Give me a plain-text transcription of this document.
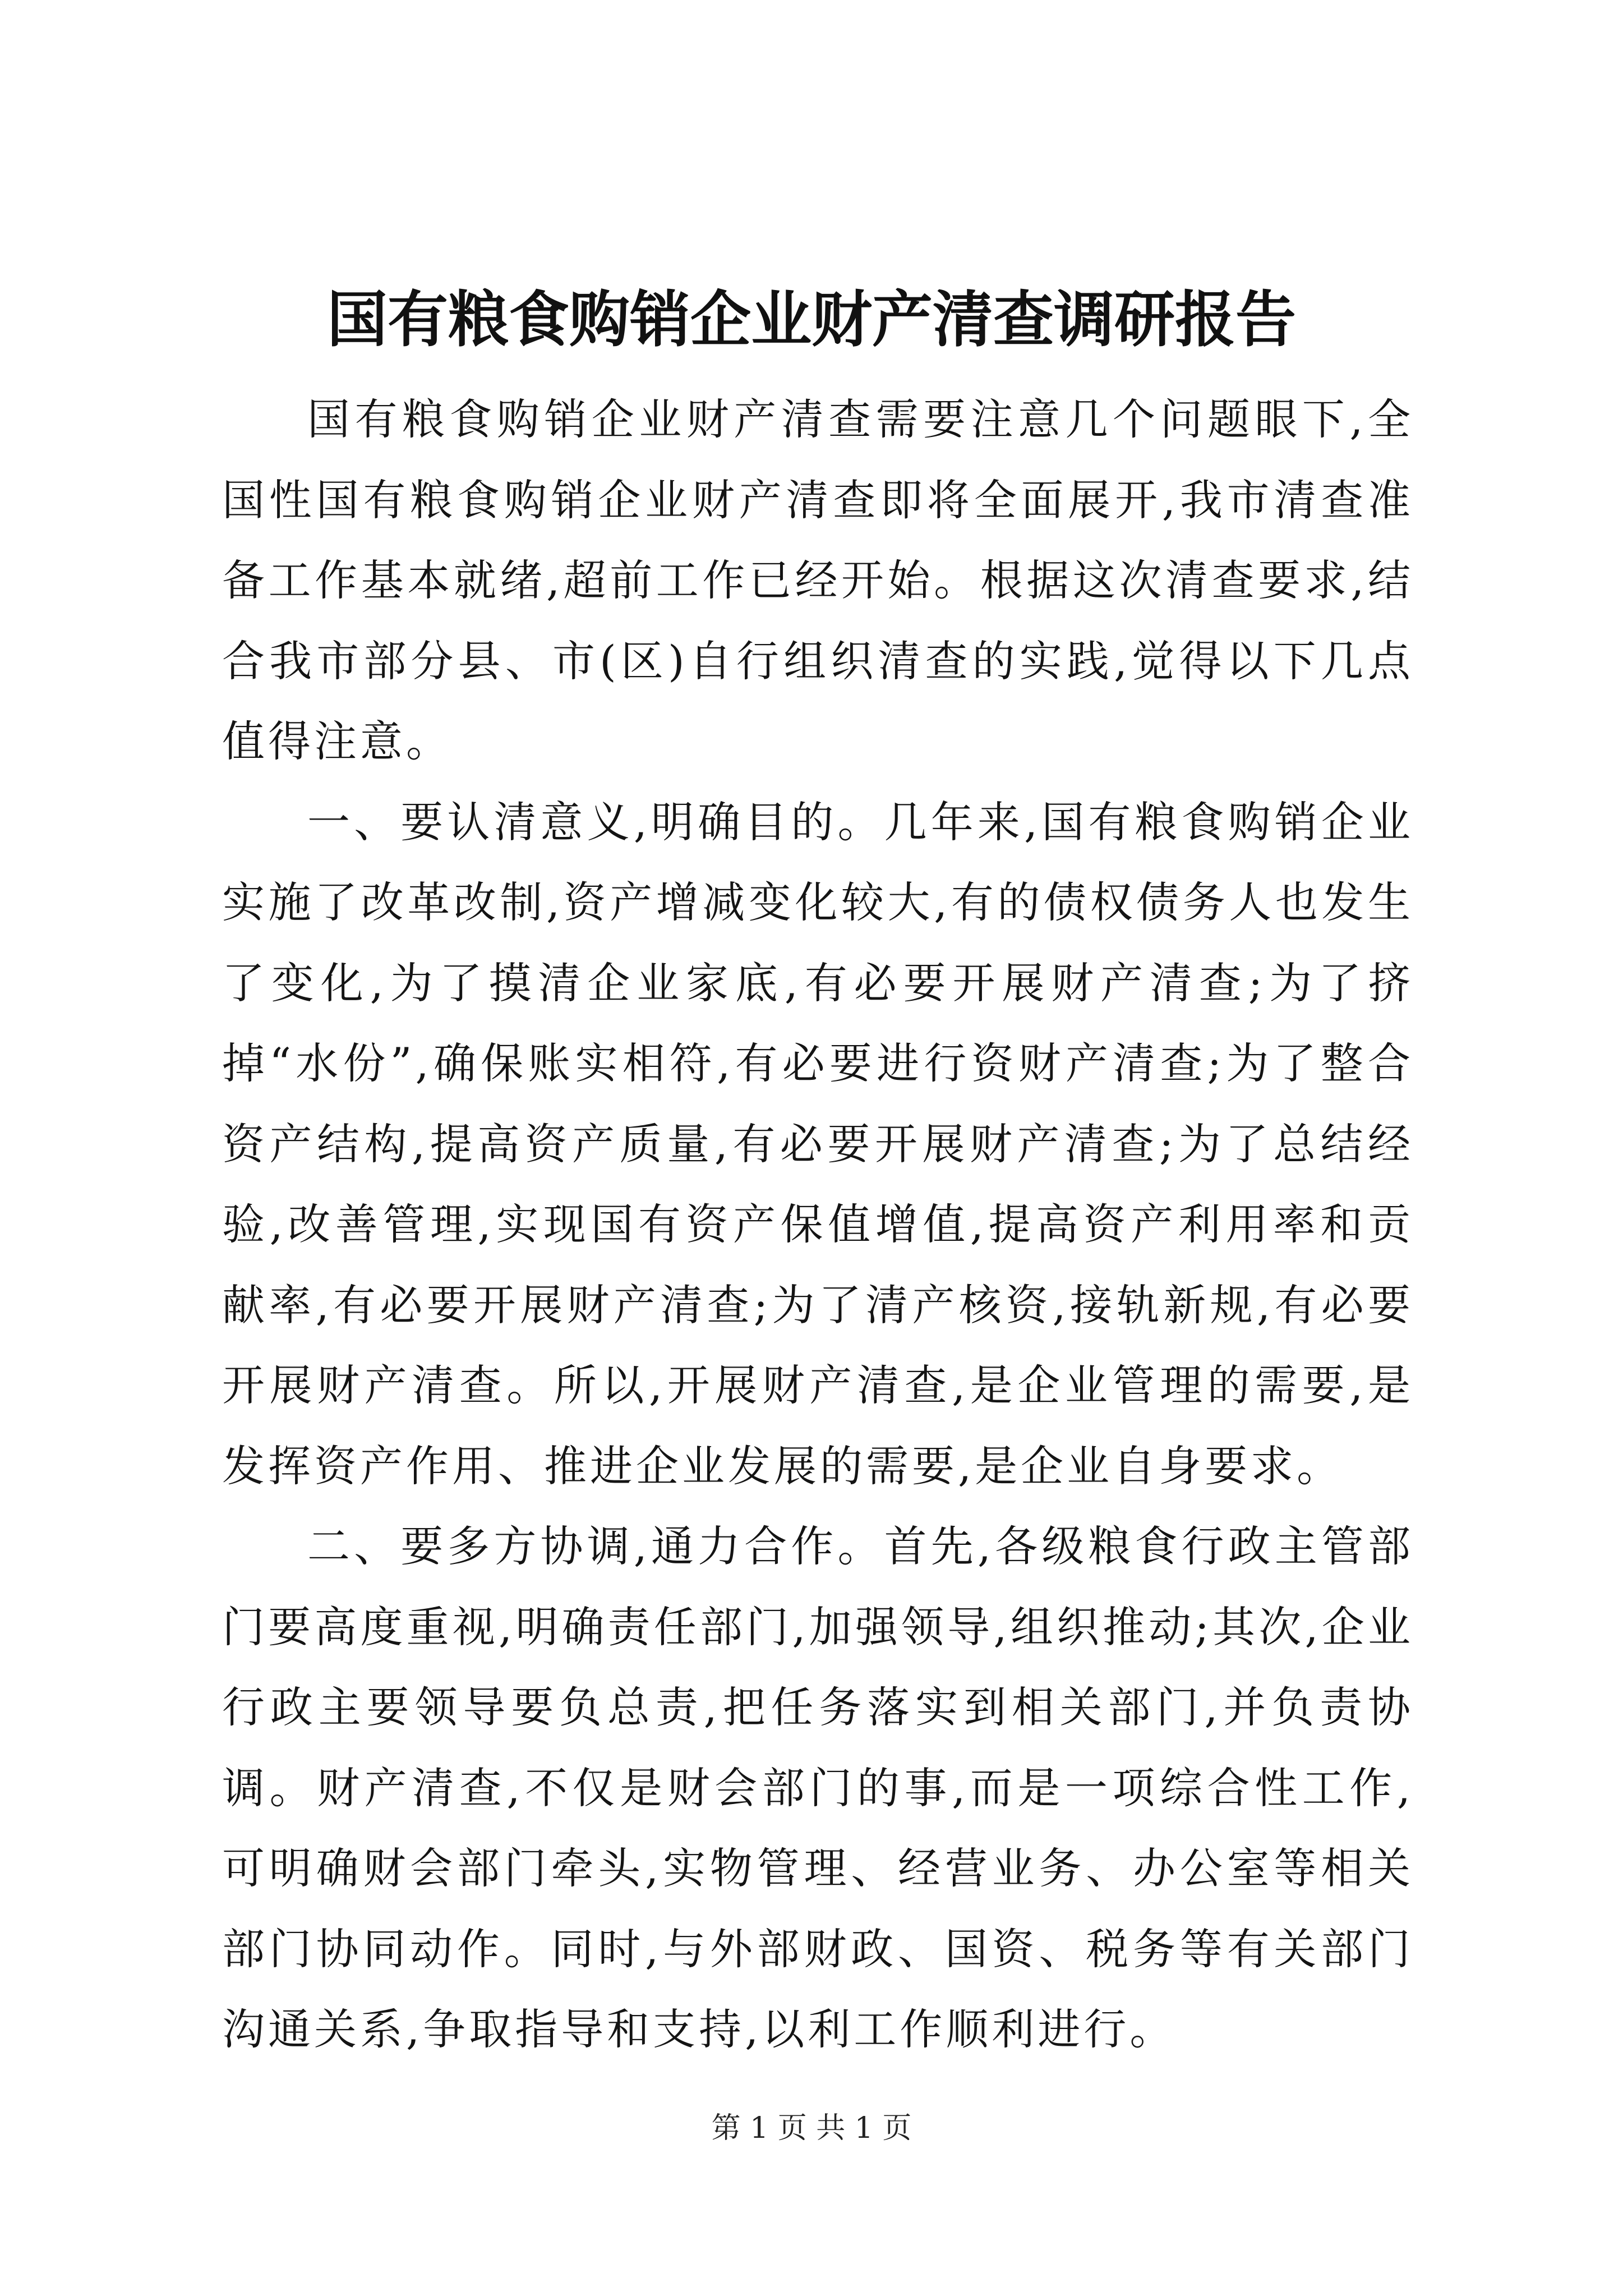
国有粮食购销企业财产清查调研报告

国有粮食购销企业财产清查需要注意几个问题眼下,全国性国有粮食购销企业财产清查即将全面展开,我市清查准备工作基本就绪,超前工作已经开始。根据这次清查要求,结合我市部分县、市(区)自行组织清查的实践,觉得以下几点值得注意。

一、要认清意义,明确目的。几年来,国有粮食购销企业实施了改革改制,资产增减变化较大,有的债权债务人也发生了变化,为了摸清企业家底,有必要开展财产清查;为了挤掉“水份”,确保账实相符,有必要进行资财产清查;为了整合资产结构,提高资产质量,有必要开展财产清查;为了总结经验,改善管理,实现国有资产保值增值,提高资产利用率和贡献率,有必要开展财产清查;为了清产核资,接轨新规,有必要开展财产清查。所以,开展财产清查,是企业管理的需要,是发挥资产作用、推进企业发展的需要,是企业自身要求。

二、要多方协调,通力合作。首先,各级粮食行政主管部门要高度重视,明确责任部门,加强领导,组织推动;其次,企业行政主要领导要负总责,把任务落实到相关部门,并负责协调。财产清查,不仅是财会部门的事,而是一项综合性工作,可明确财会部门牵头,实物管理、经营业务、办公室等相关部门协同动作。同时,与外部财政、国资、税务等有关部门沟通关系,争取指导和支持,以利工作顺利进行。

第 1 页 共 1 页
